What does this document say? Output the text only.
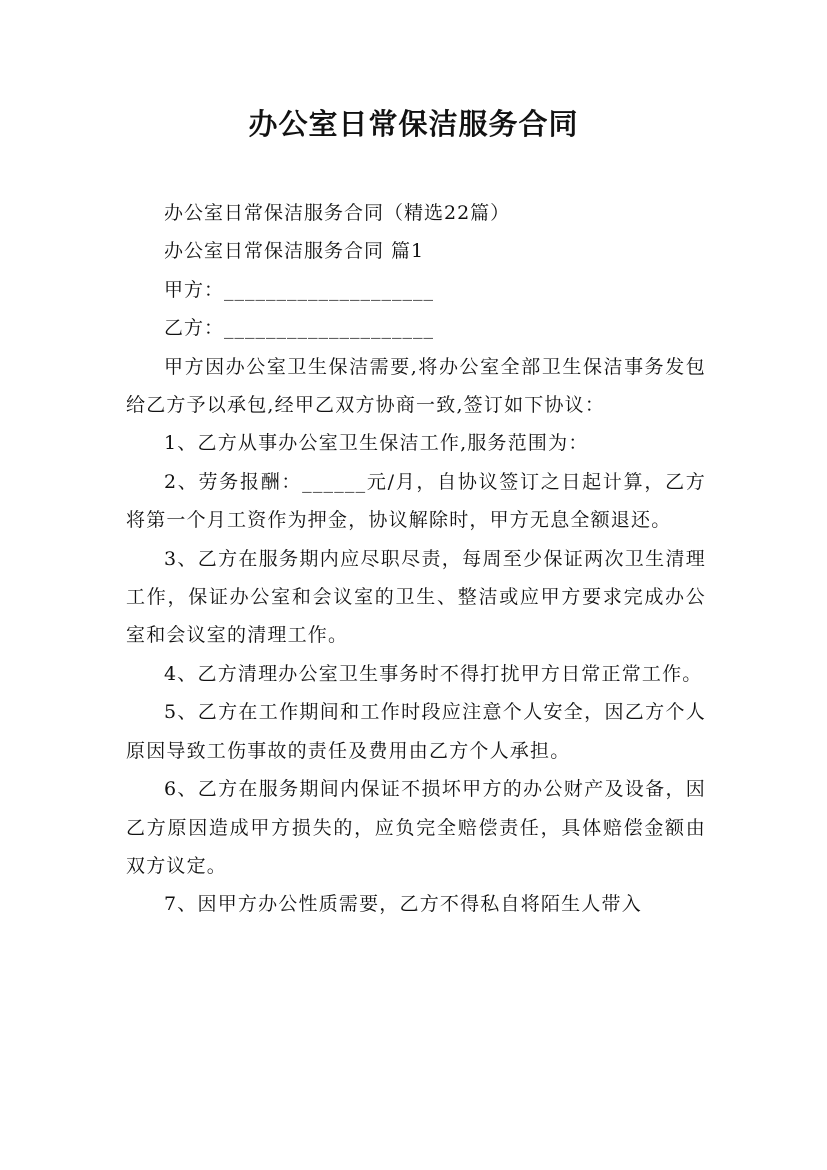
办公室日常保洁服务合同

办公室日常保洁服务合同（精选22篇）

办公室日常保洁服务合同 篇1

甲方：____________________

乙方：____________________

甲方因办公室卫生保洁需要,将办公室全部卫生保洁事务发包给乙方予以承包,经甲乙双方协商一致,签订如下协议：

1、乙方从事办公室卫生保洁工作,服务范围为：

2、劳务报酬：______元/月，自协议签订之日起计算，乙方将第一个月工资作为押金，协议解除时，甲方无息全额退还。

3、乙方在服务期内应尽职尽责，每周至少保证两次卫生清理工作，保证办公室和会议室的卫生、整洁或应甲方要求完成办公室和会议室的清理工作。

4、乙方清理办公室卫生事务时不得打扰甲方日常正常工作。

5、乙方在工作期间和工作时段应注意个人安全，因乙方个人原因导致工伤事故的责任及费用由乙方个人承担。

6、乙方在服务期间内保证不损坏甲方的办公财产及设备，因乙方原因造成甲方损失的，应负完全赔偿责任，具体赔偿金额由双方议定。

7、因甲方办公性质需要，乙方不得私自将陌生人带入
